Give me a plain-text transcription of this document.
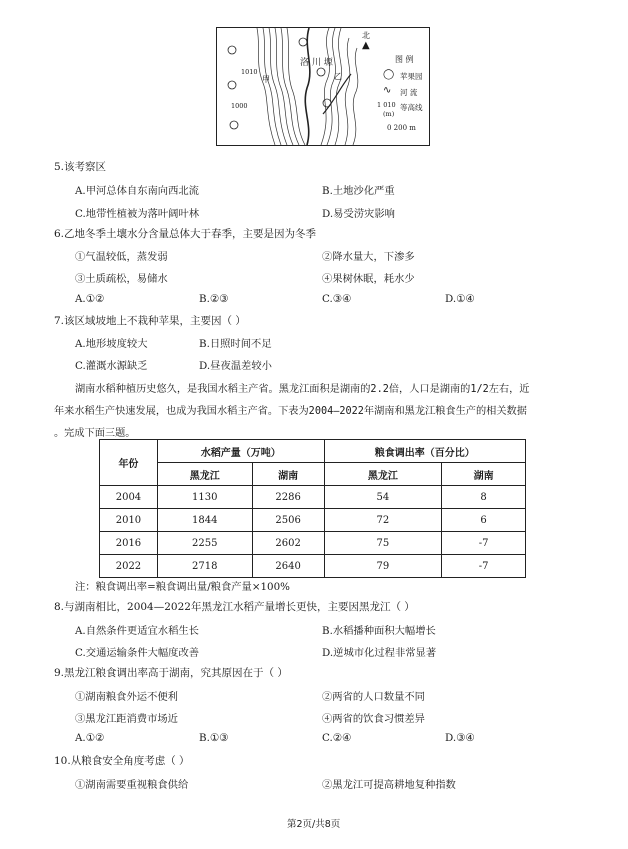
北
▲
洛 川 塬
甲	乙
1000
1010
图 例
◯ 苹果园
∿ 河 流
1 010
(m)
等高线
0 200 m
5.该考察区
A.甲河总体自东南向西北流	B.土地沙化严重
C.地带性植被为落叶阔叶林	D.易受涝灾影响
6.乙地冬季土壤水分含量总体大于春季，主要是因为冬季
①气温较低，蒸发弱	②降水量大，下渗多
③土质疏松，易储水	④果树休眠，耗水少
A.①②	B.②③	C.③④	D.①④
7.该区域坡地上不栽种苹果，主要因（ ）
A.地形坡度较大	B.日照时间不足
C.灌溉水源缺乏	D.昼夜温差较小
湖南水稻种植历史悠久，是我国水稻主产省。黑龙江面积是湖南的2.2倍，人口是湖南的1/2左右，近
年来水稻生产快速发展，也成为我国水稻主产省。下表为2004—2022年湖南和黑龙江粮食生产的相关数据
。完成下面三题。
年份	水稻产量（万吨）		粮食调出率（百分比）	
	黑龙江	湖南	黑龙江	湖南
2004	1130	2286	54	8
2010	1844	2506	72	6
2016	2255	2602	75	-7
2022	2718	2640	79	-7
注：粮食调出率=粮食调出量/粮食产量×100%
8.与湖南相比，2004—2022年黑龙江水稻产量增长更快，主要因黑龙江（ ）
A.自然条件更适宜水稻生长	B.水稻播种面积大幅增长
C.交通运输条件大幅度改善	D.逆城市化过程非常显著
9.黑龙江粮食调出率高于湖南，究其原因在于（ ）
①湖南粮食外运不便利	②两省的人口数量不同
③黑龙江距消费市场近	④两省的饮食习惯差异
A.①②	B.①③	C.②④	D.③④
10.从粮食安全角度考虑（ ）
①湖南需要重视粮食供给	②黑龙江可提高耕地复种指数
第2页/共8页
